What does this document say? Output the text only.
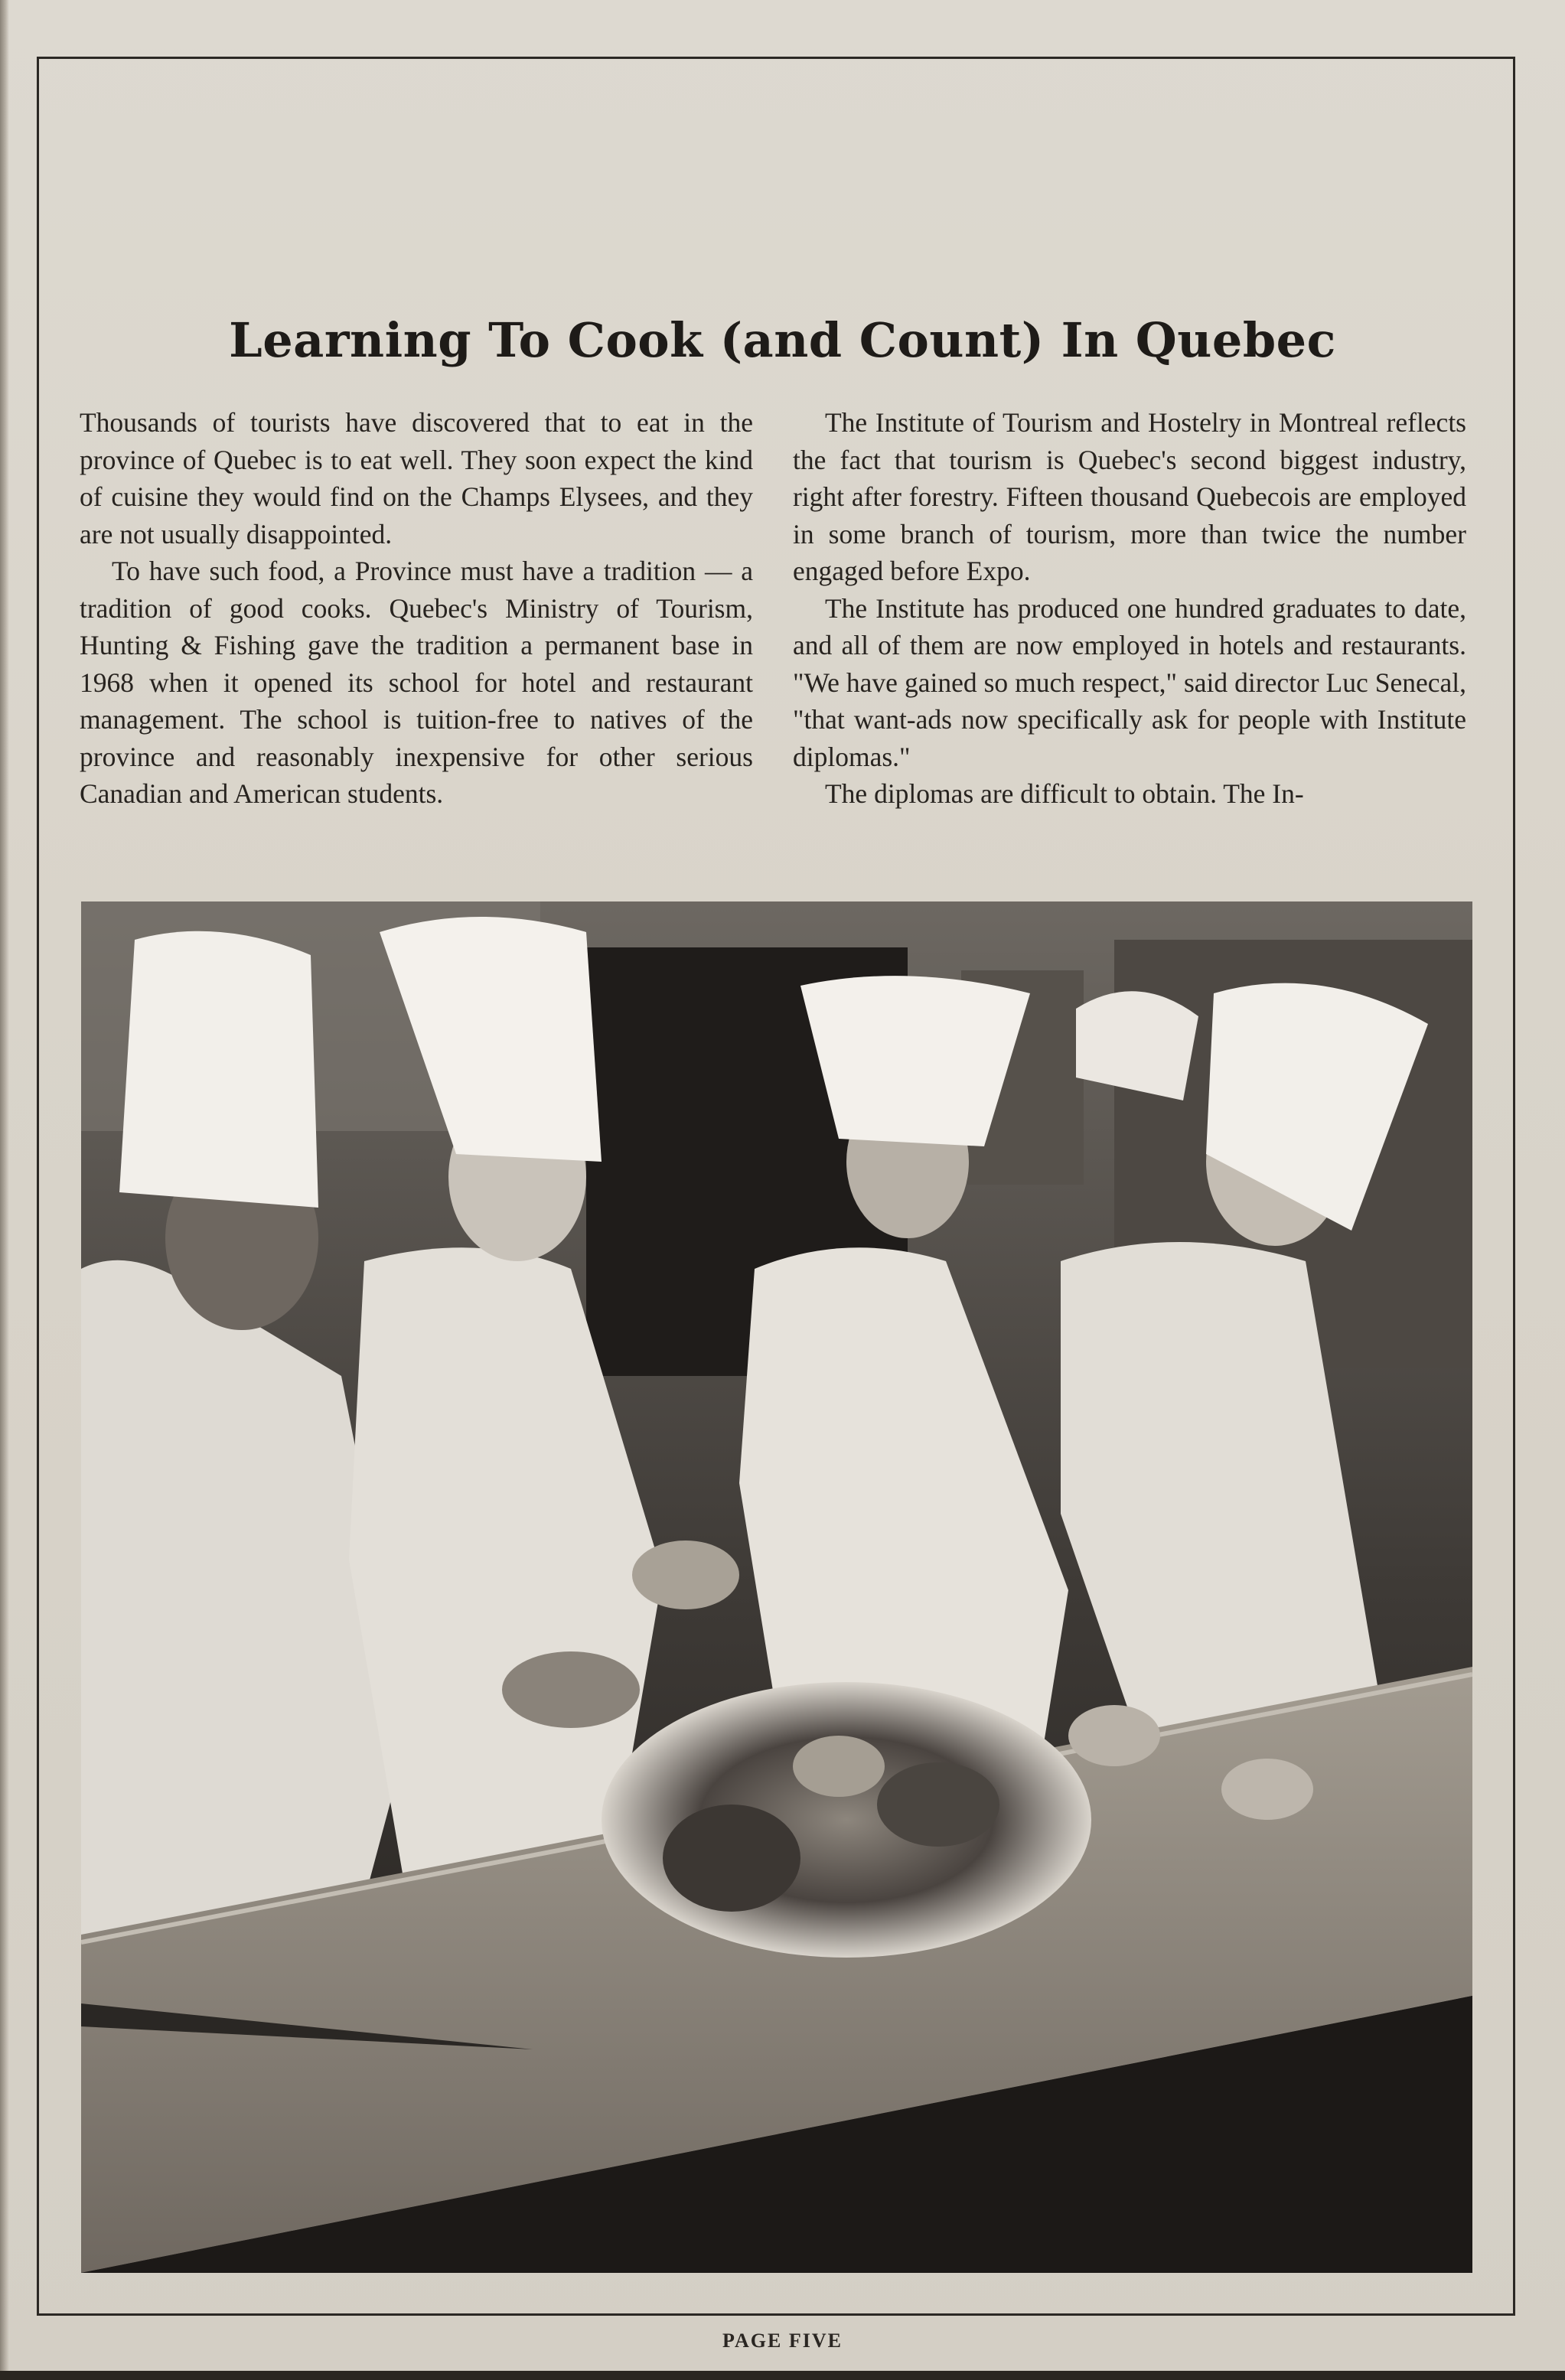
Learning To Cook (and Count) In Quebec

Thousands of tourists have discovered that to eat in the province of Quebec is to eat well. They soon expect the kind of cuisine they would find on the Champs Elysees, and they are not usually disappointed.

To have such food, a Province must have a tradition — a tradition of good cooks. Quebec's Ministry of Tourism, Hunting & Fishing gave the tradition a permanent base in 1968 when it opened its school for hotel and restaurant management. The school is tuition-free to natives of the province and reasonably inexpensive for other serious Canadian and American students.

The Institute of Tourism and Hostelry in Montreal reflects the fact that tourism is Quebec's second biggest industry, right after forestry. Fifteen thousand Quebecois are employed in some branch of tourism, more than twice the number engaged before Expo.

The Institute has produced one hundred graduates to date, and all of them are now employed in hotels and restaurants. "We have gained so much respect," said director Luc Senecal, "that want-ads now specifically ask for people with Institute diplomas."

The diplomas are difficult to obtain. The In-

PAGE FIVE
